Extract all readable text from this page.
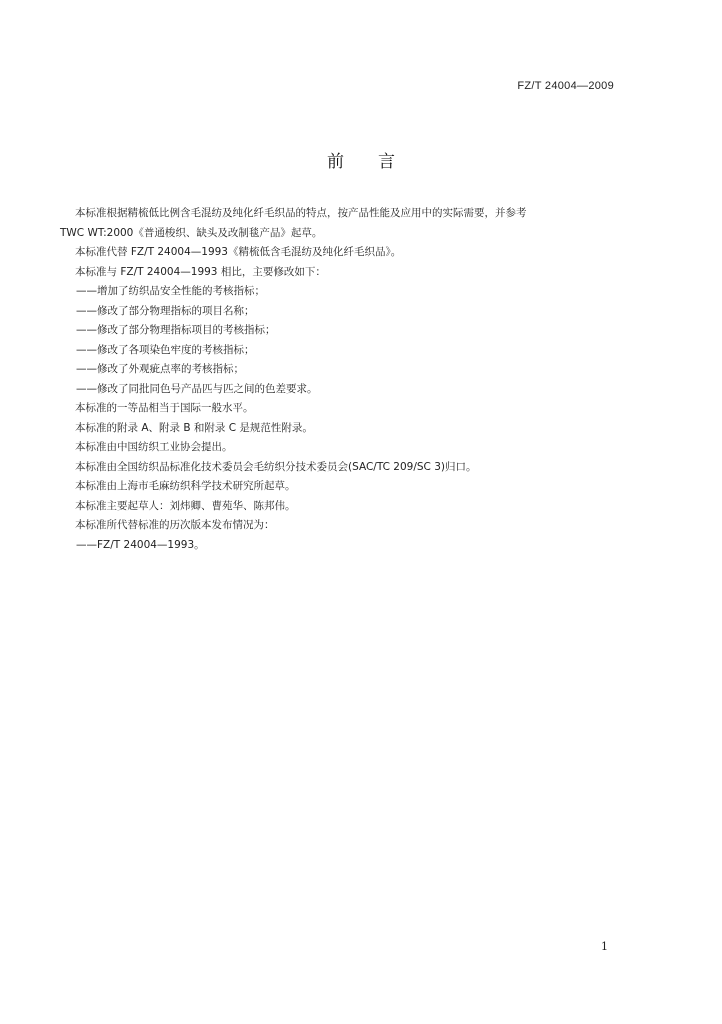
FZ/T 24004—2009
前言

本标准根据精梳低比例含毛混纺及纯化纤毛织品的特点，按产品性能及应用中的实际需要，并参考
TWC WT:2000《普通梭织、缺头及改制毯产品》起草。

本标准代替 FZ/T 24004—1993《精梳低含毛混纺及纯化纤毛织品》。

本标准与 FZ/T 24004—1993 相比，主要修改如下：

——增加了纺织品安全性能的考核指标；

——修改了部分物理指标的项目名称；

——修改了部分物理指标项目的考核指标；

——修改了各项染色牢度的考核指标；

——修改了外观疵点率的考核指标；

——修改了同批同色号产品匹与匹之间的色差要求。

本标准的一等品相当于国际一般水平。

本标准的附录 A、附录 B 和附录 C 是规范性附录。

本标准由中国纺织工业协会提出。

本标准由全国纺织品标准化技术委员会毛纺织分技术委员会(SAC/TC 209/SC 3)归口。

本标准由上海市毛麻纺织科学技术研究所起草。

本标准主要起草人：刘炜卿、曹苑华、陈邦伟。

本标准所代替标准的历次版本发布情况为：

——FZ/T 24004—1993。

1
